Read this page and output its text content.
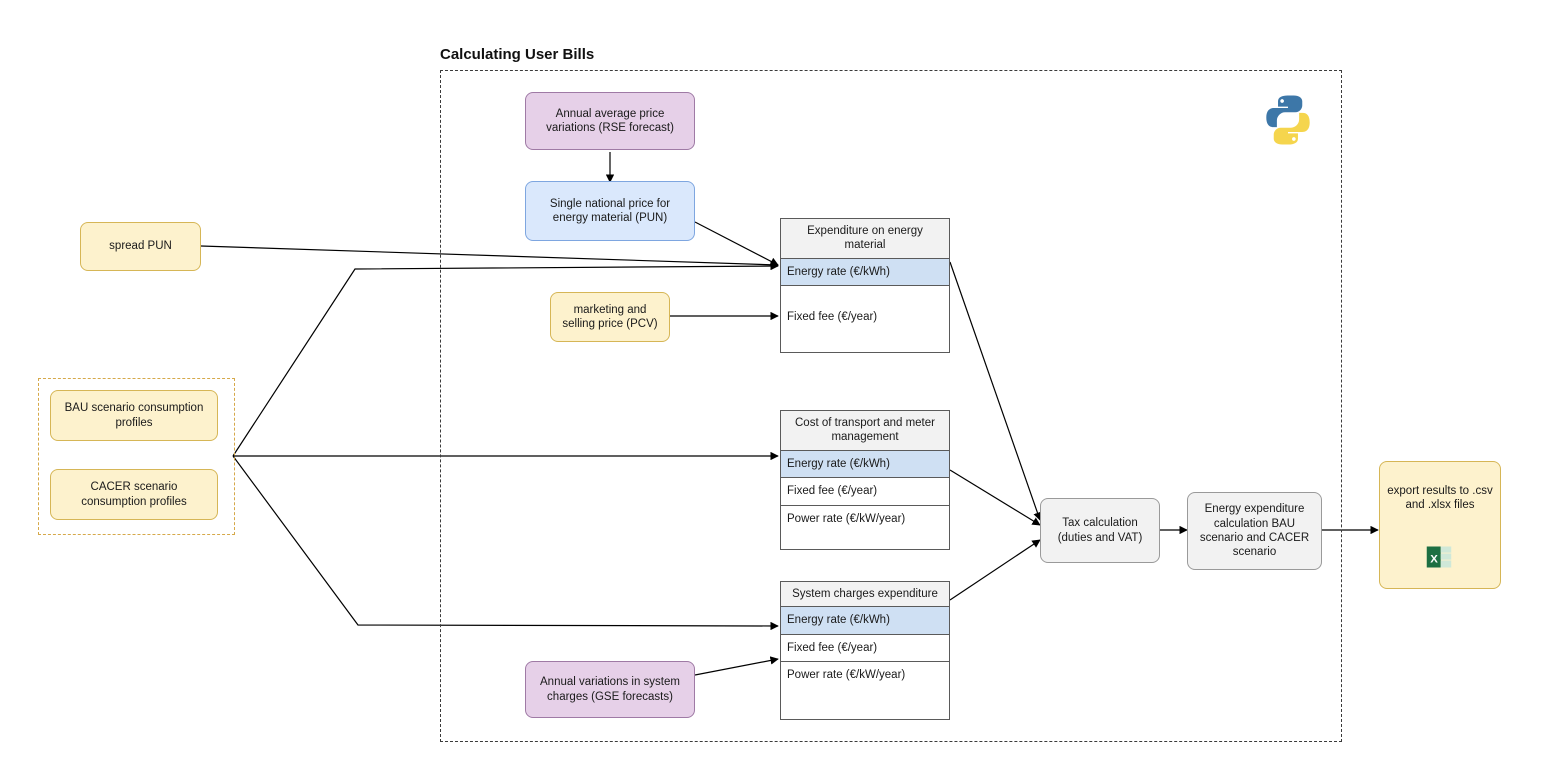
Calculating User Bills
spread PUN
BAU scenario consumption profiles
CACER scenario consumption profiles
Annual average price variations (RSE forecast)
Single national price for energy material (PUN)
marketing and selling price (PCV)
Annual variations in system charges (GSE forecasts)
Expenditure on energy material
Energy rate (€/kWh)
Fixed fee (€/year)
Cost of transport and meter management
Energy rate (€/kWh)
Fixed fee (€/year)
Power rate (€/kW/year)
System charges expenditure
Energy rate (€/kWh)
Fixed fee (€/year)
Power rate (€/kW/year)
Tax calculation (duties and VAT)
Energy expenditure calculation BAU scenario and CACER scenario
export results to .csv and .xlsx files
X
